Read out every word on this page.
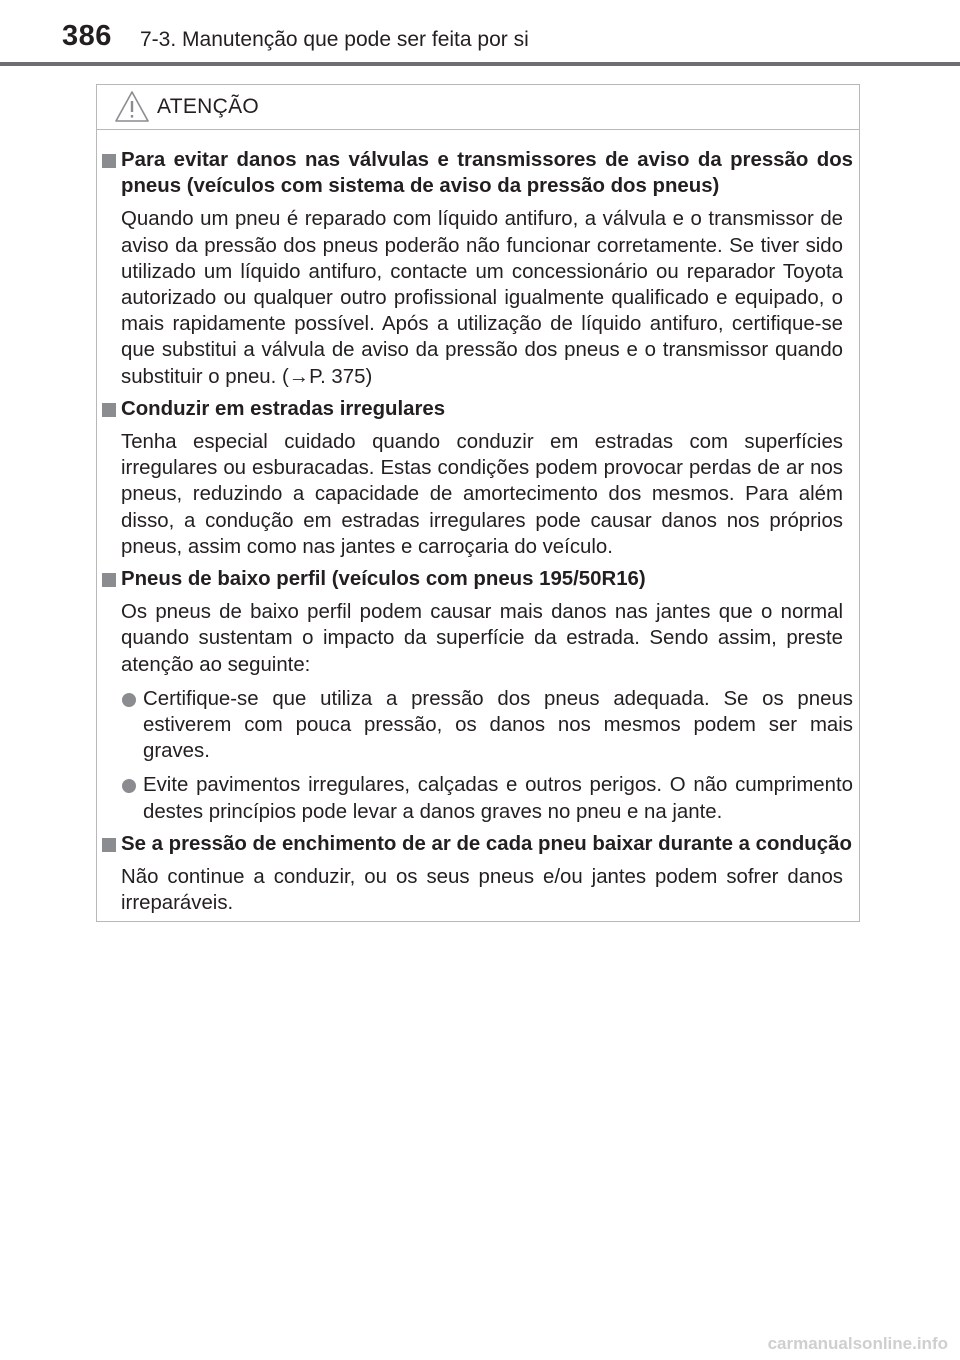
386 7-3. Manutenção que pode ser feita por si
ATENÇÃO
Para evitar danos nas válvulas e transmissores de aviso da pressão dos pneus (veículos com sistema de aviso da pressão dos pneus)
Quando um pneu é reparado com líquido antifuro, a válvula e o transmissor de aviso da pressão dos pneus poderão não funcionar corretamente. Se tiver sido utilizado um líquido antifuro, contacte um concessionário ou reparador Toyota autorizado ou qualquer outro profissional igualmente qualificado e equipado, o mais rapidamente possível. Após a utilização de líquido antifuro, certifique-se que substitui a válvula de aviso da pressão dos pneus e o transmissor quando substituir o pneu. (→P. 375)
Conduzir em estradas irregulares
Tenha especial cuidado quando conduzir em estradas com superfícies irregulares ou esburacadas. Estas condições podem provocar perdas de ar nos pneus, reduzindo a capacidade de amortecimento dos mesmos. Para além disso, a condução em estradas irregulares pode causar danos nos próprios pneus, assim como nas jantes e carroçaria do veículo.
Pneus de baixo perfil (veículos com pneus 195/50R16)
Os pneus de baixo perfil podem causar mais danos nas jantes que o normal quando sustentam o impacto da superfície da estrada. Sendo assim, preste atenção ao seguinte:
Certifique-se que utiliza a pressão dos pneus adequada. Se os pneus estiverem com pouca pressão, os danos nos mesmos podem ser mais graves.
Evite pavimentos irregulares, calçadas e outros perigos. O não cumprimento destes princípios pode levar a danos graves no pneu e na jante.
Se a pressão de enchimento de ar de cada pneu baixar durante a condução
Não continue a conduzir, ou os seus pneus e/ou jantes podem sofrer danos irreparáveis.
carmanualsonline.info
